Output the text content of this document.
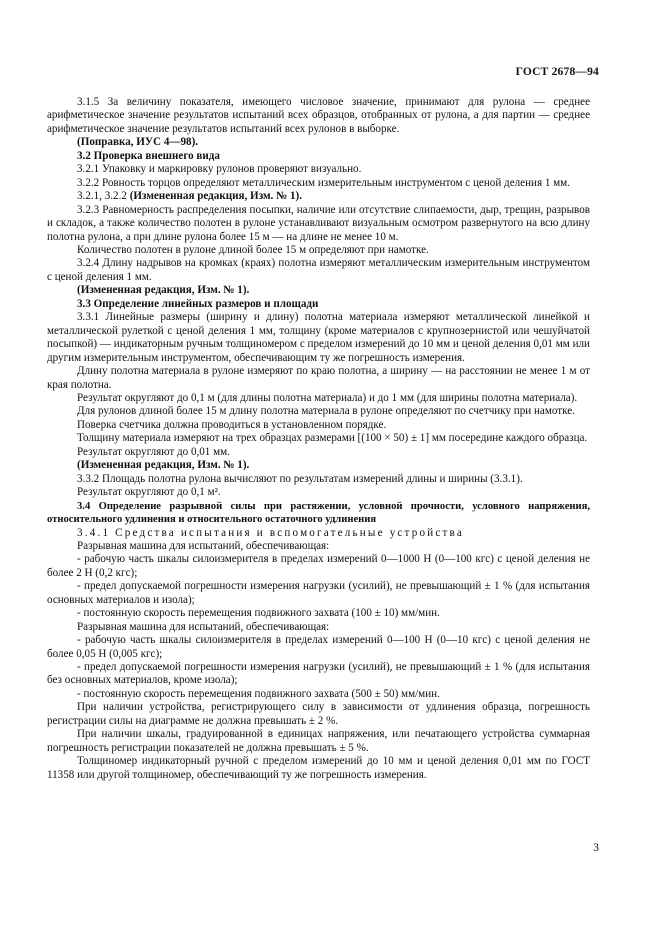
ГОСТ 2678—94

3.1.5 За величину показателя, имеющего числовое значение, принимают для рулона — среднее арифметическое значение результатов испытаний всех образцов, отобранных от рулона, а для партии — среднее арифметическое значение результатов испытаний всех рулонов в выборке.

(Поправка, ИУС 4—98).

3.2 Проверка внешнего вида

3.2.1 Упаковку и маркировку рулонов проверяют визуально.

3.2.2 Ровность торцов определяют металлическим измерительным инструментом с ценой деления 1 мм.

3.2.1, 3.2.2 (Измененная редакция, Изм. № 1).

3.2.3 Равномерность распределения посыпки, наличие или отсутствие слипаемости, дыр, трещин, разрывов и складок, а также количество полотен в рулоне устанавливают визуальным осмотром развернутого на всю длину полотна рулона, а при длине рулона более 15 м — на длине не менее 10 м.

Количество полотен в рулоне длиной более 15 м определяют при намотке.

3.2.4 Длину надрывов на кромках (краях) полотна измеряют металлическим измерительным инструментом с ценой деления 1 мм.

(Измененная редакция, Изм. № 1).

3.3 Определение линейных размеров и площади

3.3.1 Линейные размеры (ширину и длину) полотна материала измеряют металлической линейкой и металлической рулеткой с ценой деления 1 мм, толщину (кроме материалов с крупнозернистой или чешуйчатой посыпкой) — индикаторным ручным толщиномером с пределом измерений до 10 мм и ценой деления 0,01 мм или другим измерительным инструментом, обеспечивающим ту же погрешность измерения.

Длину полотна материала в рулоне измеряют по краю полотна, а ширину — на расстоянии не менее 1 м от края полотна.

Результат округляют до 0,1 м (для длины полотна материала) и до 1 мм (для ширины полотна материала).

Для рулонов длиной более 15 м длину полотна материала в рулоне определяют по счетчику при намотке.

Поверка счетчика должна проводиться в установленном порядке.

Толщину материала измеряют на трех образцах размерами [(100 × 50) ± 1] мм посередине каждого образца.

Результат округляют до 0,01 мм.

(Измененная редакция, Изм. № 1).

3.3.2 Площадь полотна рулона вычисляют по результатам измерений длины и ширины (3.3.1).

Результат округляют до 0,1 м².

3.4 Определение разрывной силы при растяжении, условной прочности, условного напряжения, относительного удлинения и относительного остаточного удлинения

3.4.1 Средства испытания и вспомогательные устройства

Разрывная машина для испытаний, обеспечивающая:

- рабочую часть шкалы силоизмерителя в пределах измерений 0—1000 Н (0—100 кгс) с ценой деления не более 2 Н (0,2 кгс);

- предел допускаемой погрешности измерения нагрузки (усилий), не превышающий ± 1 % (для испытания основных материалов и изола);

- постоянную скорость перемещения подвижного захвата (100 ± 10) мм/мин.

Разрывная машина для испытаний, обеспечивающая:

- рабочую часть шкалы силоизмерителя в пределах измерений 0—100 Н (0—10 кгс) с ценой деления не более 0,05 Н (0,005 кгс);

- предел допускаемой погрешности измерения нагрузки (усилий), не превышающий ± 1 % (для испытания без основных материалов, кроме изола);

- постоянную скорость перемещения подвижного захвата (500 ± 50) мм/мин.

При наличии устройства, регистрирующего силу в зависимости от удлинения образца, погрешность регистрации силы на диаграмме не должна превышать ± 2 %.

При наличии шкалы, градуированной в единицах напряжения, или печатающего устройства суммарная погрешность регистрации показателей не должна превышать ± 5 %.

Толщиномер индикаторный ручной с пределом измерений до 10 мм и ценой деления 0,01 мм по ГОСТ 11358 или другой толщиномер, обеспечивающий ту же погрешность измерения.

3
